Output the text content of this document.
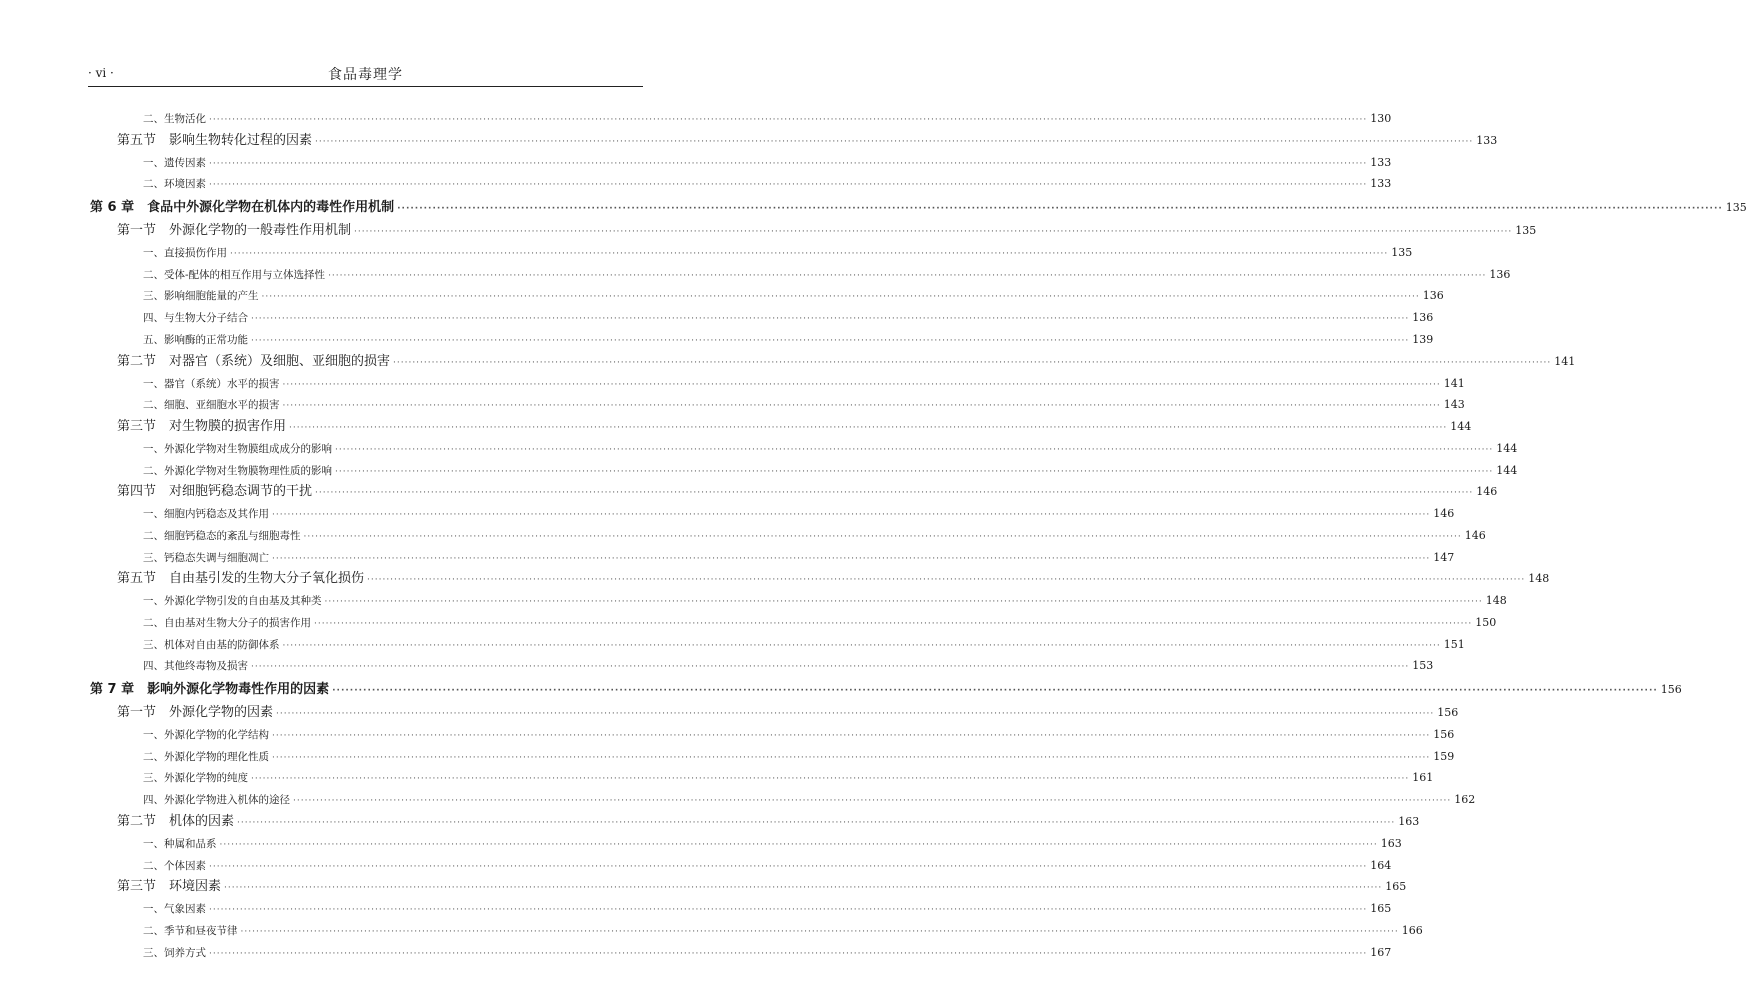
· vi ·	食品毒理学
二、生物活化 ············································································································································································································································································································ 130
第五节　影响生物转化过程的因素 ············································································································································································································································································································ 133
一、遗传因素 ············································································································································································································································································································ 133
二、环境因素 ············································································································································································································································································································ 133
第 6 章　食品中外源化学物在机体内的毒性作用机制 ············································································································································································································································································································ 135
第一节　外源化学物的一般毒性作用机制 ············································································································································································································································································································ 135
一、直接损伤作用 ············································································································································································································································································································ 135
二、受体-配体的相互作用与立体选择性 ············································································································································································································································································································ 136
三、影响细胞能量的产生 ············································································································································································································································································································ 136
四、与生物大分子结合 ············································································································································································································································································································ 136
五、影响酶的正常功能 ············································································································································································································································································································ 139
第二节　对器官（系统）及细胞、亚细胞的损害 ············································································································································································································································································································ 141
一、器官（系统）水平的损害 ············································································································································································································································································································ 141
二、细胞、亚细胞水平的损害 ············································································································································································································································································································ 143
第三节　对生物膜的损害作用 ············································································································································································································································································································ 144
一、外源化学物对生物膜组成成分的影响 ············································································································································································································································································································ 144
二、外源化学物对生物膜物理性质的影响 ············································································································································································································································································································ 144
第四节　对细胞钙稳态调节的干扰 ············································································································································································································································································································ 146
一、细胞内钙稳态及其作用 ············································································································································································································································································································ 146
二、细胞钙稳态的紊乱与细胞毒性 ············································································································································································································································································································ 146
三、钙稳态失调与细胞凋亡 ············································································································································································································································································································ 147
第五节　自由基引发的生物大分子氧化损伤 ············································································································································································································································································································ 148
一、外源化学物引发的自由基及其种类 ············································································································································································································································································································ 148
二、自由基对生物大分子的损害作用 ············································································································································································································································································································ 150
三、机体对自由基的防御体系 ············································································································································································································································································································ 151
四、其他终毒物及损害 ············································································································································································································································································································ 153
第 7 章　影响外源化学物毒性作用的因素 ············································································································································································································································································································ 156
第一节　外源化学物的因素 ············································································································································································································································································································ 156
一、外源化学物的化学结构 ············································································································································································································································································································ 156
二、外源化学物的理化性质 ············································································································································································································································································································ 159
三、外源化学物的纯度 ············································································································································································································································································································ 161
四、外源化学物进入机体的途径 ············································································································································································································································································································ 162
第二节　机体的因素 ············································································································································································································································································································ 163
一、种属和品系 ············································································································································································································································································································ 163
二、个体因素 ············································································································································································································································································································ 164
第三节　环境因素 ············································································································································································································································································································ 165
一、气象因素 ············································································································································································································································································································ 165
二、季节和昼夜节律 ············································································································································································································································································································ 166
三、饲养方式 ············································································································································································································································································································ 167
